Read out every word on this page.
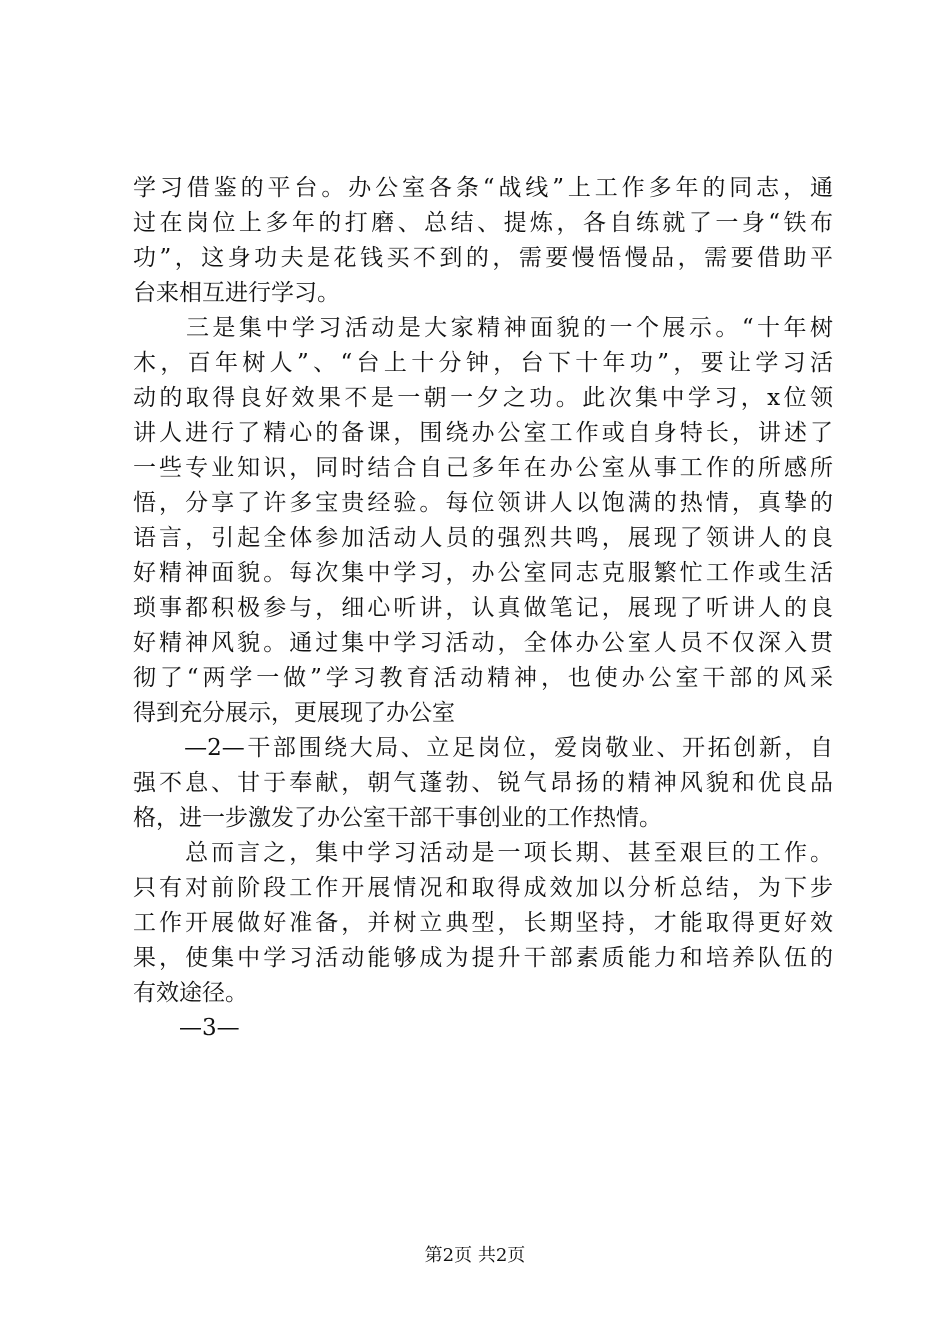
学习借鉴的平台。办公室各条“战线”上工作多年的同志，通
过在岗位上多年的打磨、总结、提炼，各自练就了一身“铁布
功”，这身功夫是花钱买不到的，需要慢悟慢品，需要借助平
台来相互进行学习。
　　三是集中学习活动是大家精神面貌的一个展示。“十年树
木，百年树人”、“台上十分钟，台下十年功”，要让学习活
动的取得良好效果不是一朝一夕之功。此次集中学习，x位领
讲人进行了精心的备课，围绕办公室工作或自身特长，讲述了
一些专业知识，同时结合自己多年在办公室从事工作的所感所
悟，分享了许多宝贵经验。每位领讲人以饱满的热情，真挚的
语言，引起全体参加活动人员的强烈共鸣，展现了领讲人的良
好精神面貌。每次集中学习，办公室同志克服繁忙工作或生活
琐事都积极参与，细心听讲，认真做笔记，展现了听讲人的良
好精神风貌。通过集中学习活动，全体办公室人员不仅深入贯
彻了“两学一做”学习教育活动精神，也使办公室干部的风采
得到充分展示，更展现了办公室
　　—2—干部围绕大局、立足岗位，爱岗敬业、开拓创新，自
强不息、甘于奉献，朝气蓬勃、锐气昂扬的精神风貌和优良品
格，进一步激发了办公室干部干事创业的工作热情。
　　总而言之，集中学习活动是一项长期、甚至艰巨的工作。
只有对前阶段工作开展情况和取得成效加以分析总结，为下步
工作开展做好准备，并树立典型，长期坚持，才能取得更好效
果，使集中学习活动能够成为提升干部素质能力和培养队伍的
有效途径。
　　—3—
第2页 共2页
